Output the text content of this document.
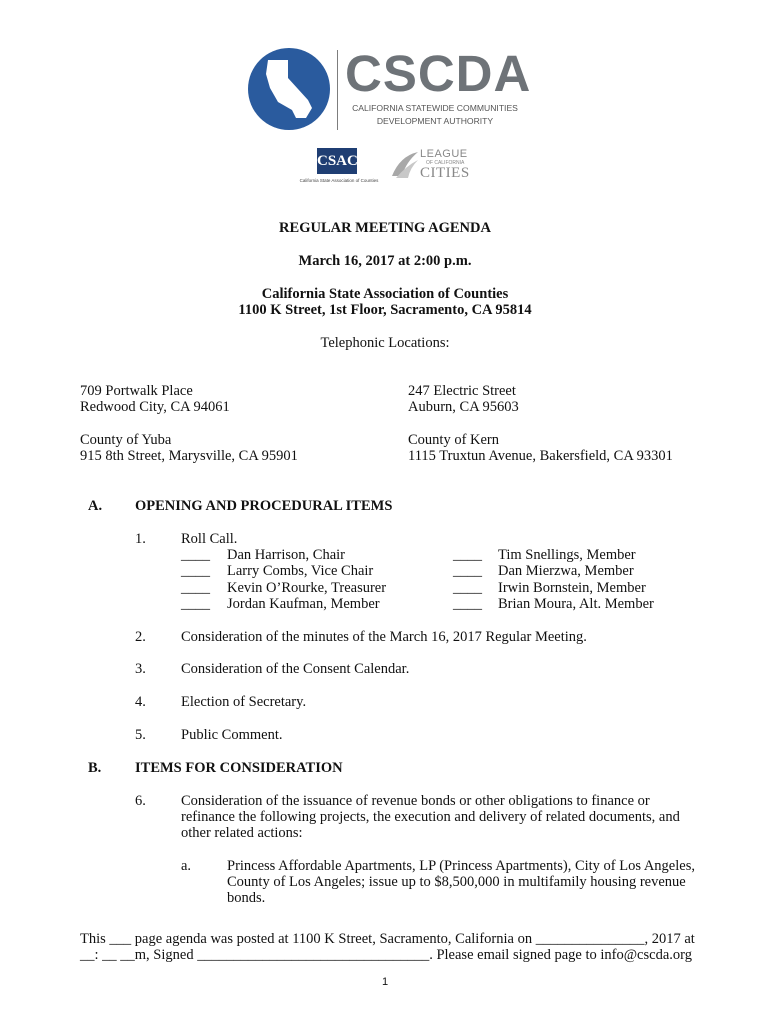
CSCDA
CALIFORNIA STATEWIDE COMMUNITIES
DEVELOPMENT AUTHORITY
CSAC
California State Association of Counties
LEAGUE
OF CALIFORNIA
CITIES
REGULAR MEETING AGENDA
March 16, 2017 at 2:00 p.m.
California State Association of Counties
1100 K Street, 1st Floor, Sacramento, CA 95814
Telephonic Locations:
709 Portwalk Place
Redwood City, CA 94061
247 Electric Street
Auburn, CA 95603
County of Yuba
915 8th Street, Marysville, CA 95901
County of Kern
1115 Truxtun Avenue, Bakersfield, CA 93301
A. OPENING AND PROCEDURAL ITEMS
1. Roll Call.
____ Dan Harrison, Chair
____ Larry Combs, Vice Chair
____ Kevin O’Rourke, Treasurer
____ Jordan Kaufman, Member
____ Tim Snellings, Member
____ Dan Mierzwa, Member
____ Irwin Bornstein, Member
____ Brian Moura, Alt. Member
2. Consideration of the minutes of the March 16, 2017 Regular Meeting.
3. Consideration of the Consent Calendar.
4. Election of Secretary.
5. Public Comment.
B. ITEMS FOR CONSIDERATION
6. Consideration of the issuance of revenue bonds or other obligations to finance or
refinance the following projects, the execution and delivery of related documents, and
other related actions:
a. Princess Affordable Apartments, LP (Princess Apartments), City of Los Angeles,
County of Los Angeles; issue up to $8,500,000 in multifamily housing revenue
bonds.
This ___ page agenda was posted at 1100 K Street, Sacramento, California on _______________, 2017 at
__: __ __m, Signed ________________________________. Please email signed page to info@cscda.org
1
